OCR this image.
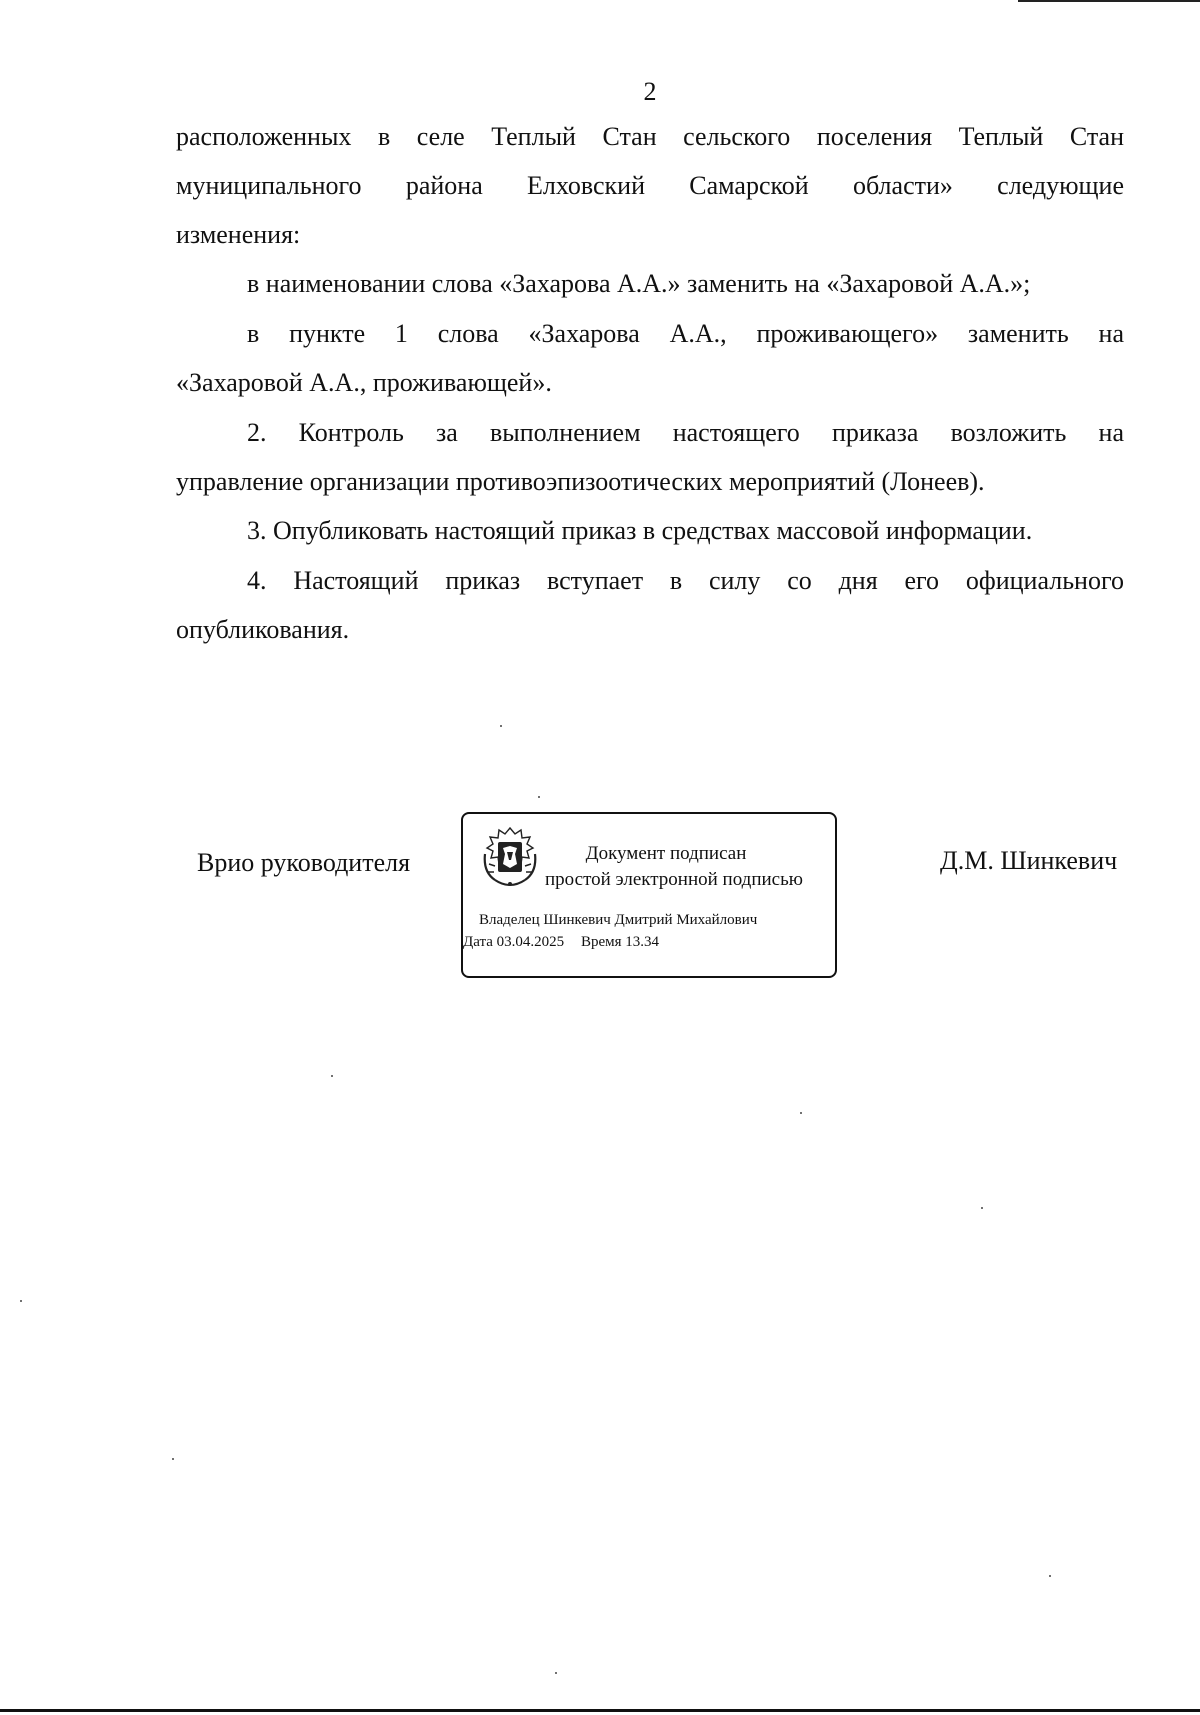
2
расположенных в селе Теплый Стан сельского поселения Теплый Стан
муниципального района Елховский Самарской области» следующие
изменения:
в наименовании слова «Захарова А.А.» заменить на «Захаровой А.А.»;
в пункте 1 слова «Захарова А.А., проживающего» заменить на
«Захаровой А.А., проживающей».
2. Контроль за выполнением настоящего приказа возложить на
управление организации противоэпизоотических мероприятий (Лонеев).
3. Опубликовать настоящий приказ в средствах массовой информации.
4. Настоящий приказ вступает в силу со дня его официального
опубликования.
Врио руководителя	Документ подписан
простой электронной подписью
Владелец Шинкевич Дмитрий Михайлович
Дата 03.04.2025 Время 13.34
Д.М. Шинкевич
